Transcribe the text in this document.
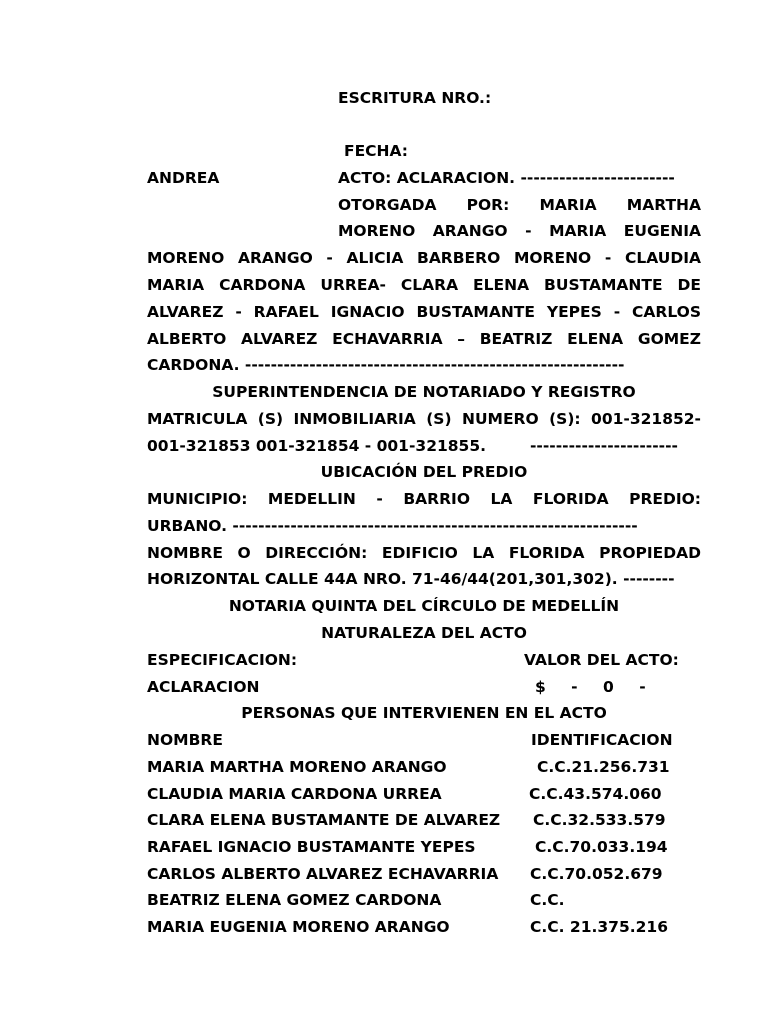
ESCRITURA NRO.:
FECHA:
ANDREA	ACTO: ACLARACION. ------------------------
OTORGADA POR: MARIA MARTHA
MORENO ARANGO - MARIA EUGENIA
MORENO ARANGO - ALICIA BARBERO MORENO - CLAUDIA
MARIA CARDONA URREA- CLARA ELENA BUSTAMANTE DE
ALVAREZ - RAFAEL IGNACIO BUSTAMANTE YEPES - CARLOS
ALBERTO ALVAREZ ECHAVARRIA – BEATRIZ ELENA GOMEZ
CARDONA. -----------------------------------------------------------
SUPERINTENDENCIA DE NOTARIADO Y REGISTRO
MATRICULA (S) INMOBILIARIA (S) NUMERO (S): 001-321852-
001-321853 001-321854 - 001-321855.	-----------------------
UBICACIÓN DEL PREDIO
MUNICIPIO: MEDELLIN - BARRIO LA FLORIDA PREDIO:
URBANO. ---------------------------------------------------------------
NOMBRE O DIRECCIÓN: EDIFICIO LA FLORIDA PROPIEDAD
HORIZONTAL CALLE 44A NRO. 71-46/44(201,301,302). --------
NOTARIA QUINTA DEL CÍRCULO DE MEDELLÍN
NATURALEZA DEL ACTO
ESPECIFICACION:	VALOR DEL ACTO:
ACLARACION	$ - 0 -
PERSONAS QUE INTERVIENEN EN EL ACTO
NOMBRE	IDENTIFICACION
MARIA MARTHA MORENO ARANGO	C.C.21.256.731
CLAUDIA MARIA CARDONA URREA	C.C.43.574.060
CLARA ELENA BUSTAMANTE DE ALVAREZ C.C.32.533.579
RAFAEL IGNACIO BUSTAMANTE YEPES	C.C.70.033.194
CARLOS ALBERTO ALVAREZ ECHAVARRIA C.C.70.052.679
BEATRIZ ELENA GOMEZ CARDONA	C.C.
MARIA EUGENIA MORENO ARANGO	C.C. 21.375.216
